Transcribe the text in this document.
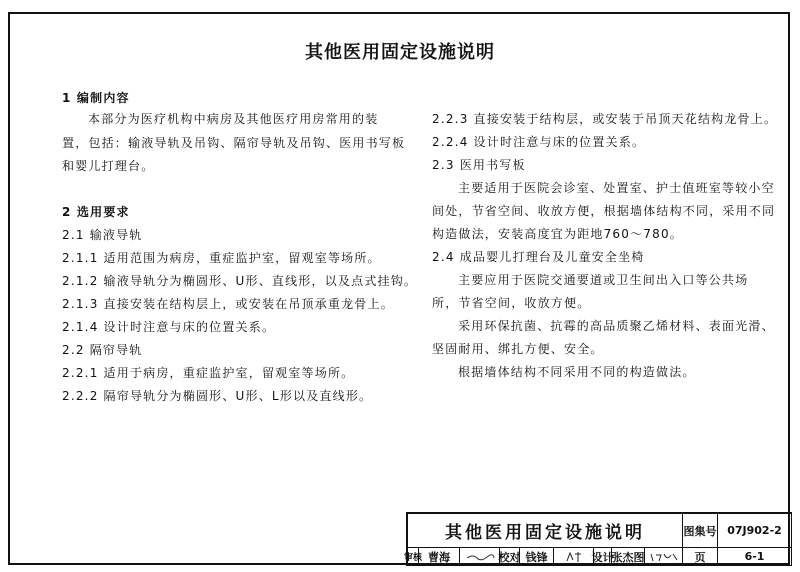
其他医用固定设施说明
1 编制内容
本部分为医疗机构中病房及其他医疗用房常用的装
置，包括：输液导轨及吊钩、隔帘导轨及吊钩、医用书写板
和婴儿打理台。
2 选用要求
2.1 输液导轨
2.1.1 适用范围为病房，重症监护室，留观室等场所。
2.1.2 输液导轨分为椭圆形、U形、直线形，以及点式挂钩。
2.1.3 直接安装在结构层上，或安装在吊顶承重龙骨上。
2.1.4 设计时注意与床的位置关系。
2.2 隔帘导轨
2.2.1 适用于病房，重症监护室，留观室等场所。
2.2.2 隔帘导轨分为椭圆形、U形、L形以及直线形。
2.2.3 直接安装于结构层，或安装于吊顶天花结构龙骨上。
2.2.4 设计时注意与床的位置关系。
2.3 医用书写板
主要适用于医院会诊室、处置室、护士值班室等较小空
间处，节省空间、收放方便，根据墙体结构不同，采用不同
构造做法，安装高度宜为距地760～780。
2.4 成品婴儿打理台及儿童安全坐椅
主要应用于医院交通要道或卫生间出入口等公共场
所，节省空间，收放方便。
采用环保抗菌、抗霉的高品质聚乙烯材料、表面光滑、
坚固耐用、绑扎方便、安全。
根据墙体结构不同采用不同的构造做法。
其他医用固定设施说明	图集号 07J902-2
审核 曹海	校对 钱锋	设计
张杰图	页	6-1
